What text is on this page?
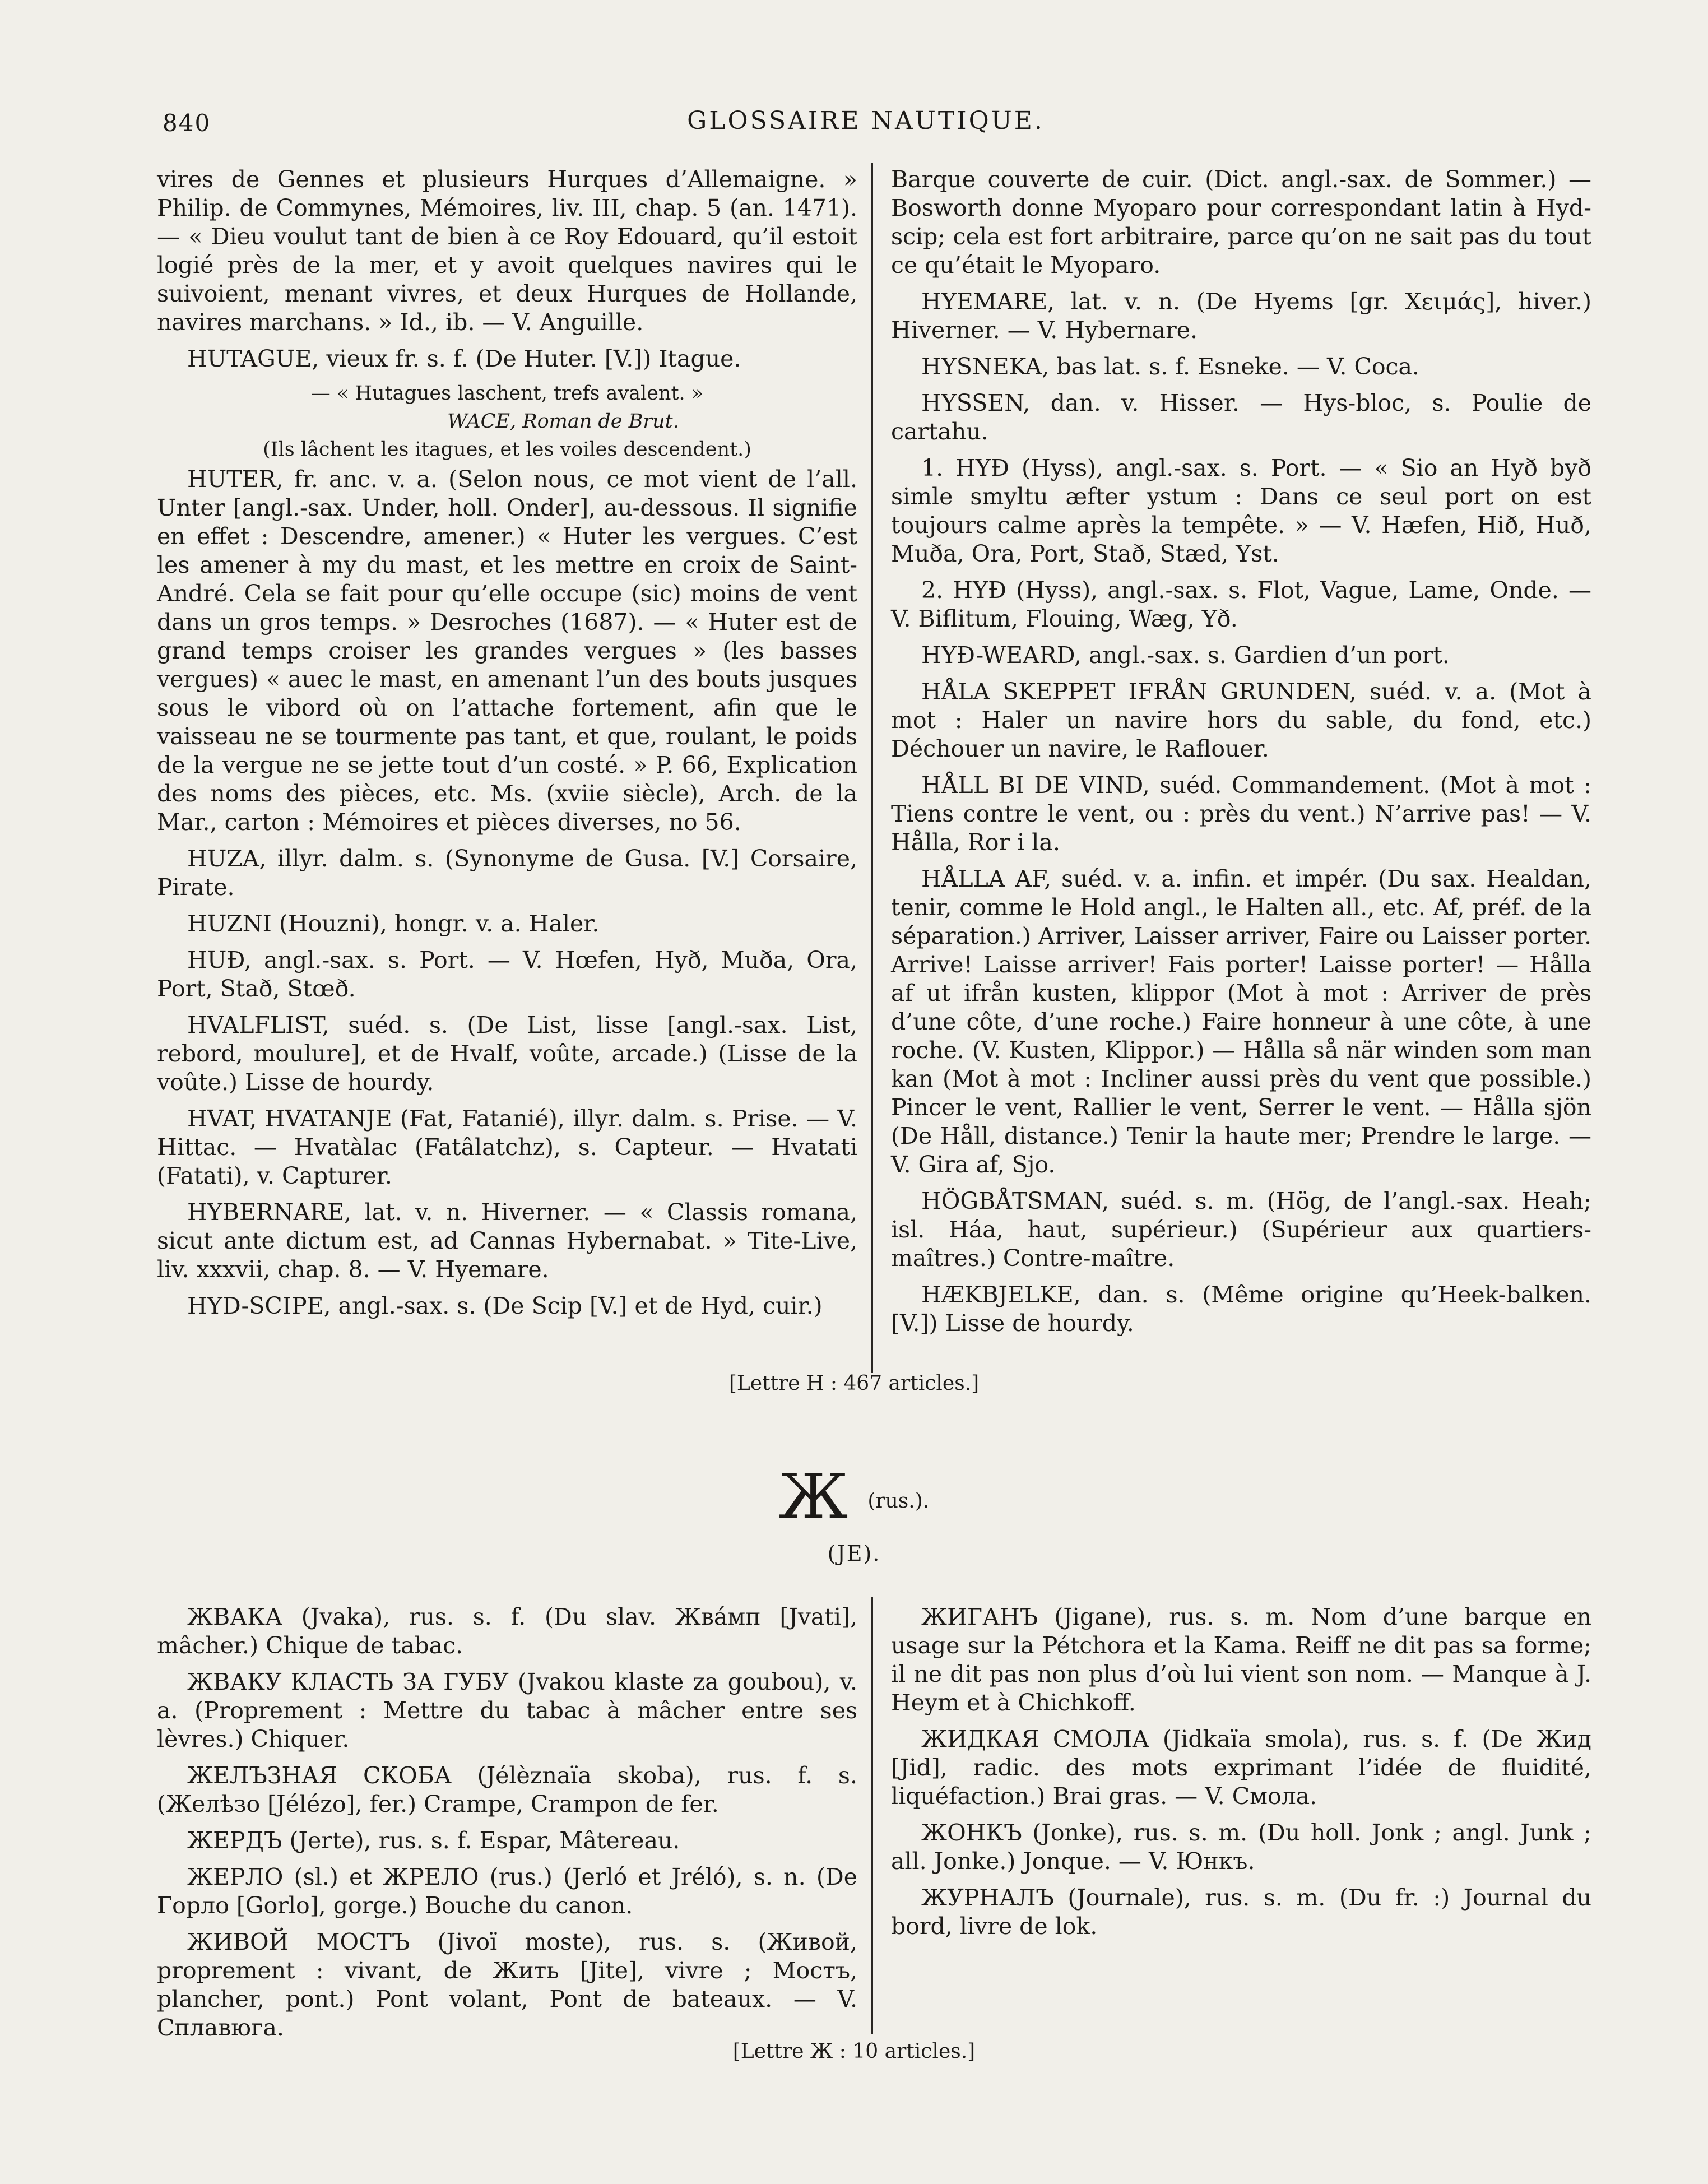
840	GLOSSAIRE NAUTIQUE.

vires de Gennes et plusieurs Hurques d’Allemaigne. » Philip. de Commynes, Mémoires, liv. III, chap. 5 (an. 1471). — « Dieu voulut tant de bien à ce Roy Edouard, qu’il estoit logié près de la mer, et y avoit quelques navires qui le suivoient, menant vivres, et deux Hurques de Hollande, navires marchans. » Id., ib. — V. Anguille.

HUTAGUE, vieux fr. s. f. (De Huter. [V.]) Itague.

— « Hutagues laschent, trefs avalent. »

WACE, Roman de Brut.

(Ils lâchent les itagues, et les voiles descendent.)

HUTER, fr. anc. v. a. (Selon nous, ce mot vient de l’all. Unter [angl.-sax. Under, holl. Onder], au-dessous. Il signifie en effet : Descendre, amener.) « Huter les vergues. C’est les amener à my du mast, et les mettre en croix de Saint-André. Cela se fait pour qu’elle occupe (sic) moins de vent dans un gros temps. » Desroches (1687). — « Huter est de grand temps croiser les grandes vergues » (les basses vergues) « auec le mast, en amenant l’un des bouts jusques sous le vibord où on l’attache fortement, afin que le vaisseau ne se tourmente pas tant, et que, roulant, le poids de la vergue ne se jette tout d’un costé. » P. 66, Explication des noms des pièces, etc. Ms. (xviie siècle), Arch. de la Mar., carton : Mémoires et pièces diverses, no 56.

HUZA, illyr. dalm. s. (Synonyme de Gusa. [V.] Corsaire, Pirate.

HUZNI (Houzni), hongr. v. a. Haler.

HUÐ, angl.-sax. s. Port. — V. Hœfen, Hyð, Muða, Ora, Port, Stað, Stœð.

HVALFLIST, suéd. s. (De List, lisse [angl.-sax. List, rebord, moulure], et de Hvalf, voûte, arcade.) (Lisse de la voûte.) Lisse de hourdy.

HVAT, HVATANJE (Fat, Fatanié), illyr. dalm. s. Prise. — V. Hittac. — Hvatàlac (Fatâlatchz), s. Capteur. — Hvatati (Fatati), v. Capturer.

HYBERNARE, lat. v. n. Hiverner. — « Classis romana, sicut ante dictum est, ad Cannas Hybernabat. » Tite-Live, liv. xxxvii, chap. 8. — V. Hyemare.

HYD-SCIPE, angl.-sax. s. (De Scip [V.] et de Hyd, cuir.)

Barque couverte de cuir. (Dict. angl.-sax. de Sommer.) — Bosworth donne Myoparo pour correspondant latin à Hyd-scip; cela est fort arbitraire, parce qu’on ne sait pas du tout ce qu’était le Myoparo.

HYEMARE, lat. v. n. (De Hyems [gr. Χειμάς], hiver.) Hiverner. — V. Hybernare.

HYSNEKA, bas lat. s. f. Esneke. — V. Coca.

HYSSEN, dan. v. Hisser. — Hys-bloc, s. Poulie de cartahu.

1. HYÐ (Hyss), angl.-sax. s. Port. — « Sio an Hyð byð simle smyltu æfter ystum : Dans ce seul port on est toujours calme après la tempête. » — V. Hæfen, Hið, Huð, Muða, Ora, Port, Stað, Stæd, Yst.

2. HYÐ (Hyss), angl.-sax. s. Flot, Vague, Lame, Onde. — V. Biflitum, Flouing, Wæg, Yð.

HYÐ-WEARD, angl.-sax. s. Gardien d’un port.

HÅLA SKEPPET IFRÅN GRUNDEN, suéd. v. a. (Mot à mot : Haler un navire hors du sable, du fond, etc.) Déchouer un navire, le Raflouer.

HÅLL BI DE VIND, suéd. Commandement. (Mot à mot : Tiens contre le vent, ou : près du vent.) N’arrive pas! — V. Hålla, Ror i la.

HÅLLA AF, suéd. v. a. infin. et impér. (Du sax. Healdan, tenir, comme le Hold angl., le Halten all., etc. Af, préf. de la séparation.) Arriver, Laisser arriver, Faire ou Laisser porter. Arrive! Laisse arriver! Fais porter! Laisse porter! — Hålla af ut ifrån kusten, klippor (Mot à mot : Arriver de près d’une côte, d’une roche.) Faire honneur à une côte, à une roche. (V. Kusten, Klippor.) — Hålla så när winden som man kan (Mot à mot : Incliner aussi près du vent que possible.) Pincer le vent, Rallier le vent, Serrer le vent. — Hålla sjön (De Håll, distance.) Tenir la haute mer; Prendre le large. — V. Gira af, Sjo.

HÖGBÅTSMAN, suéd. s. m. (Hög, de l’angl.-sax. Heah; isl. Háa, haut, supérieur.) (Supérieur aux quartiers-maîtres.) Contre-maître.

HÆKBJELKE, dan. s. (Même origine qu’Heek-balken. [V.]) Lisse de hourdy.

[Lettre H : 467 articles.]
Ж (rus.).
(JE).

ЖВАКА (Jvaka), rus. s. f. (Du slav. Жвáмп [Jvati], mâcher.) Chique de tabac.

ЖВАКУ КЛАСТЬ ЗА ГУБУ (Jvakou klaste za goubou), v. a. (Proprement : Mettre du tabac à mâcher entre ses lèvres.) Chiquer.

ЖЕЛЪЗНАЯ СКОБА (Jélèznaïa skoba), rus. f. s. (Желѣзо [Jélézo], fer.) Crampe, Crampon de fer.

ЖЕРДЪ (Jerte), rus. s. f. Espar, Mâtereau.

ЖЕРЛО (sl.) et ЖРЕЛО (rus.) (Jerló et Jréló), s. n. (De Горло [Gorlo], gorge.) Bouche du canon.

ЖИВОЙ МОСТЪ (Jivoï moste), rus. s. (Живой, proprement : vivant, de Жить [Jite], vivre ; Мостъ, plancher, pont.) Pont volant, Pont de bateaux. — V. Сплавюга.

ЖИГАНЪ (Jigane), rus. s. m. Nom d’une barque en usage sur la Pétchora et la Kama. Reiff ne dit pas sa forme; il ne dit pas non plus d’où lui vient son nom. — Manque à J. Heym et à Chichkoff.

ЖИДКАЯ СМОЛА (Jidkaïa smola), rus. s. f. (De Жид [Jid], radic. des mots exprimant l’idée de fluidité, liquéfaction.) Brai gras. — V. Смола.

ЖОНКЪ (Jonke), rus. s. m. (Du holl. Jonk ; angl. Junk ; all. Jonke.) Jonque. — V. Юнкъ.

ЖУРНАЛЪ (Journale), rus. s. m. (Du fr. :) Journal du bord, livre de lok.

[Lettre Ж : 10 articles.]
